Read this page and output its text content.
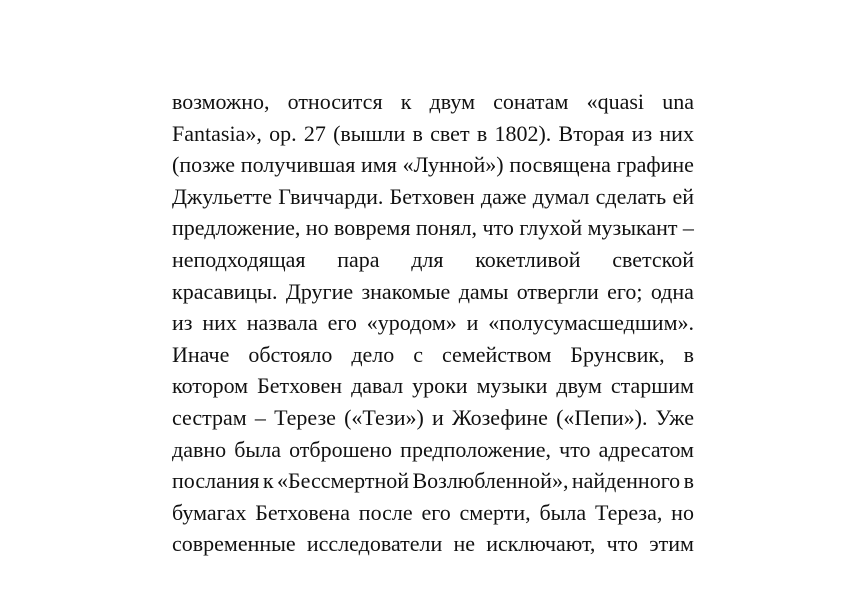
возможно, относится к двум сонатам «quasi una
Fantasia», ор. 27 (вышли в свет в 1802). Вторая из них
(позже получившая имя «Лунной») посвящена графине
Джульетте Гвиччарди. Бетховен даже думал сделать ей
предложение, но вовремя понял, что глухой музыкант –
неподходящая пара для кокетливой светской
красавицы. Другие знакомые дамы отвергли его; одна
из них назвала его «уродом» и «полусумасшедшим».
Иначе обстояло дело с семейством Брунсвик, в
котором Бетховен давал уроки музыки двум старшим
сестрам – Терезе («Тези») и Жозефине («Пепи»). Уже
давно была отброшено предположение, что адресатом
послания к «Бессмертной Возлюбленной», найденного в
бумагах Бетховена после его смерти, была Тереза, но
современные исследователи не исключают, что этим
